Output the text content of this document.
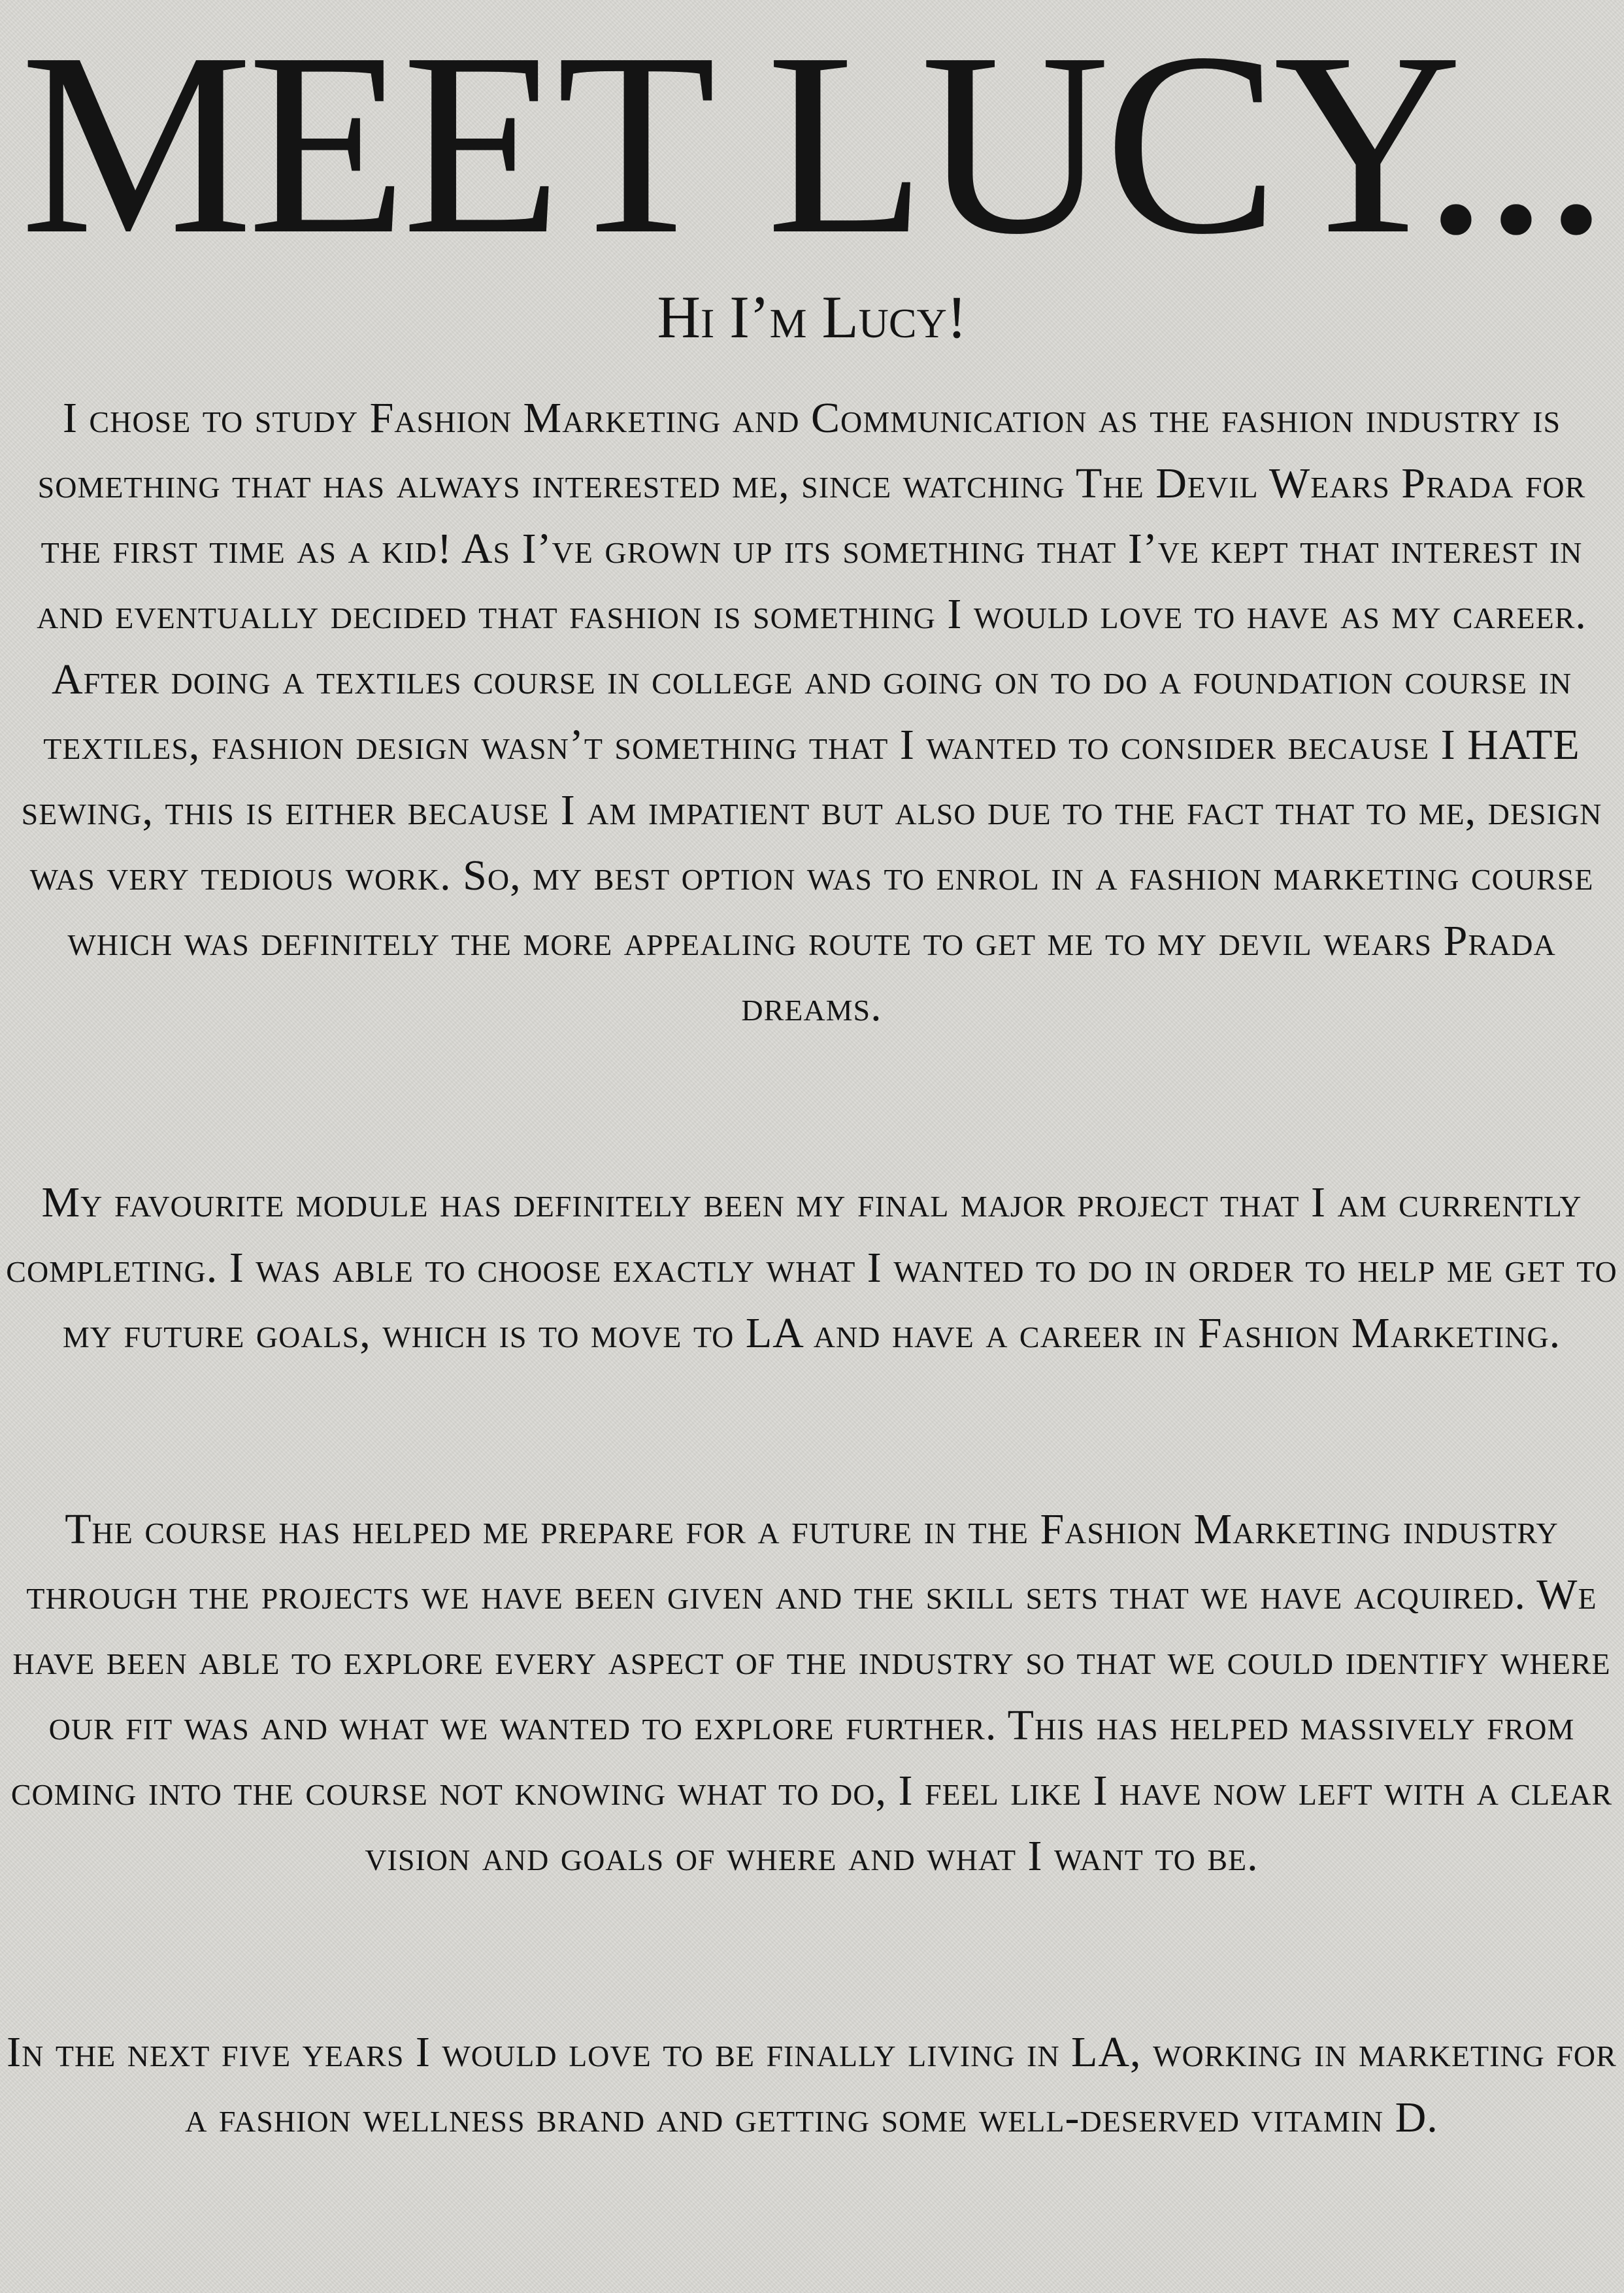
MEET LUCY...
Hi I’m Lucy!

I chose to study Fashion Marketing and Communication as the fashion industry is something that has always interested me, since watching The Devil Wears Prada for the first time as a kid! As I’ve grown up its something that I’ve kept that interest in and eventually decided that fashion is something I would love to have as my career. After doing a textiles course in college and going on to do a foundation course in textiles, fashion design wasn’t something that I wanted to consider because I HATE sewing, this is either because I am impatient but also due to the fact that to me, design was very tedious work. So, my best option was to enrol in a fashion marketing course which was definitely the more appealing route to get me to my devil wears Prada dreams.

My favourite module has definitely been my final major project that I am currently completing. I was able to choose exactly what I wanted to do in order to help me get to my future goals, which is to move to LA and have a career in Fashion Marketing.

The course has helped me prepare for a future in the Fashion Marketing industry through the projects we have been given and the skill sets that we have acquired. We have been able to explore every aspect of the industry so that we could identify where our fit was and what we wanted to explore further. This has helped massively from coming into the course not knowing what to do, I feel like I have now left with a clear vision and goals of where and what I want to be.

In the next five years I would love to be finally living in LA, working in marketing for a fashion wellness brand and getting some well-deserved vitamin D.
